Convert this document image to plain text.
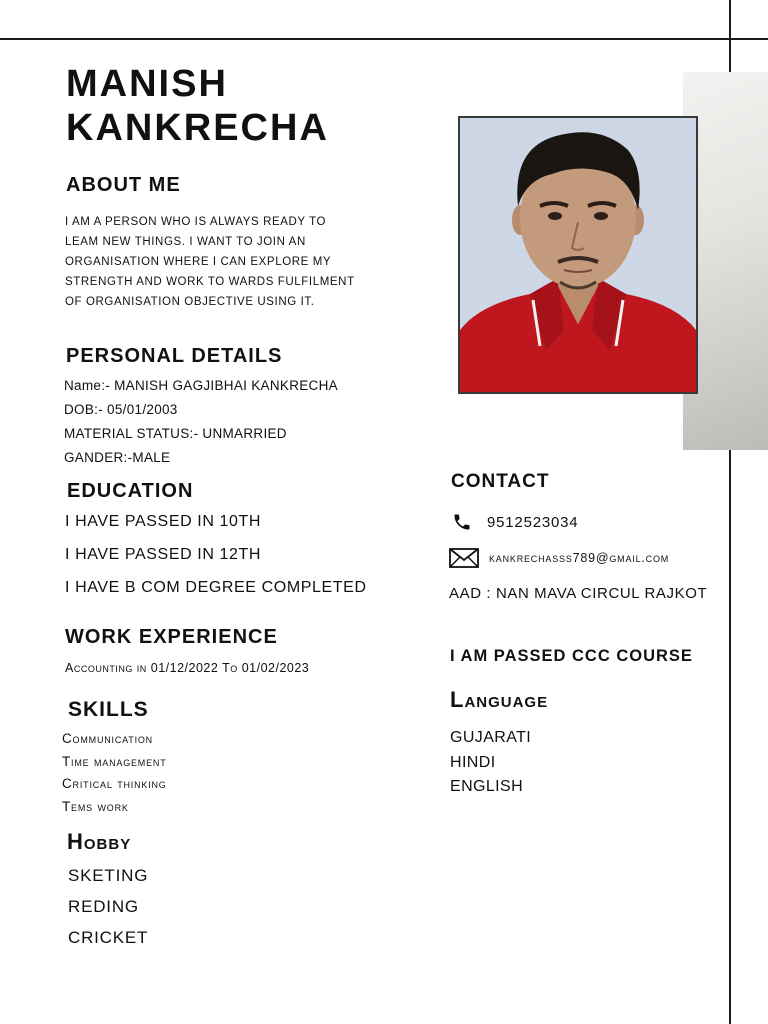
MANISH
KANKRECHA
ABOUT ME

I AM A PERSON WHO IS ALWAYS READY TO LEAM NEW THINGS. I WANT TO JOIN AN ORGANISATION WHERE I CAN EXPLORE MY STRENGTH AND WORK TO WARDS FULFILMENT OF ORGANISATION OBJECTIVE USING IT.

PERSONAL DETAILS
Name:- MANISH GAGJIBHAI KANKRECHA
DOB:- 05/01/2003
MATERIAL STATUS:- UNMARRIED
GANDER:-MALE
EDUCATION
I HAVE PASSED IN 10TH
I HAVE PASSED IN 12TH
I HAVE B COM DEGREE COMPLETED
WORK EXPERIENCE
Accounting in 01/12/2022 To 01/02/2023
SKILLS
Communication
Time management
Critical thinking
Tems work
Hobby
SKETING
REDING
CRICKET
CONTACT
9512523034
kankrechasss789@gmail.com
AAD : NAN MAVA CIRCUL RAJKOT
I AM PASSED CCC COURSE
Language
GUJARATI
HINDI
ENGLISH
